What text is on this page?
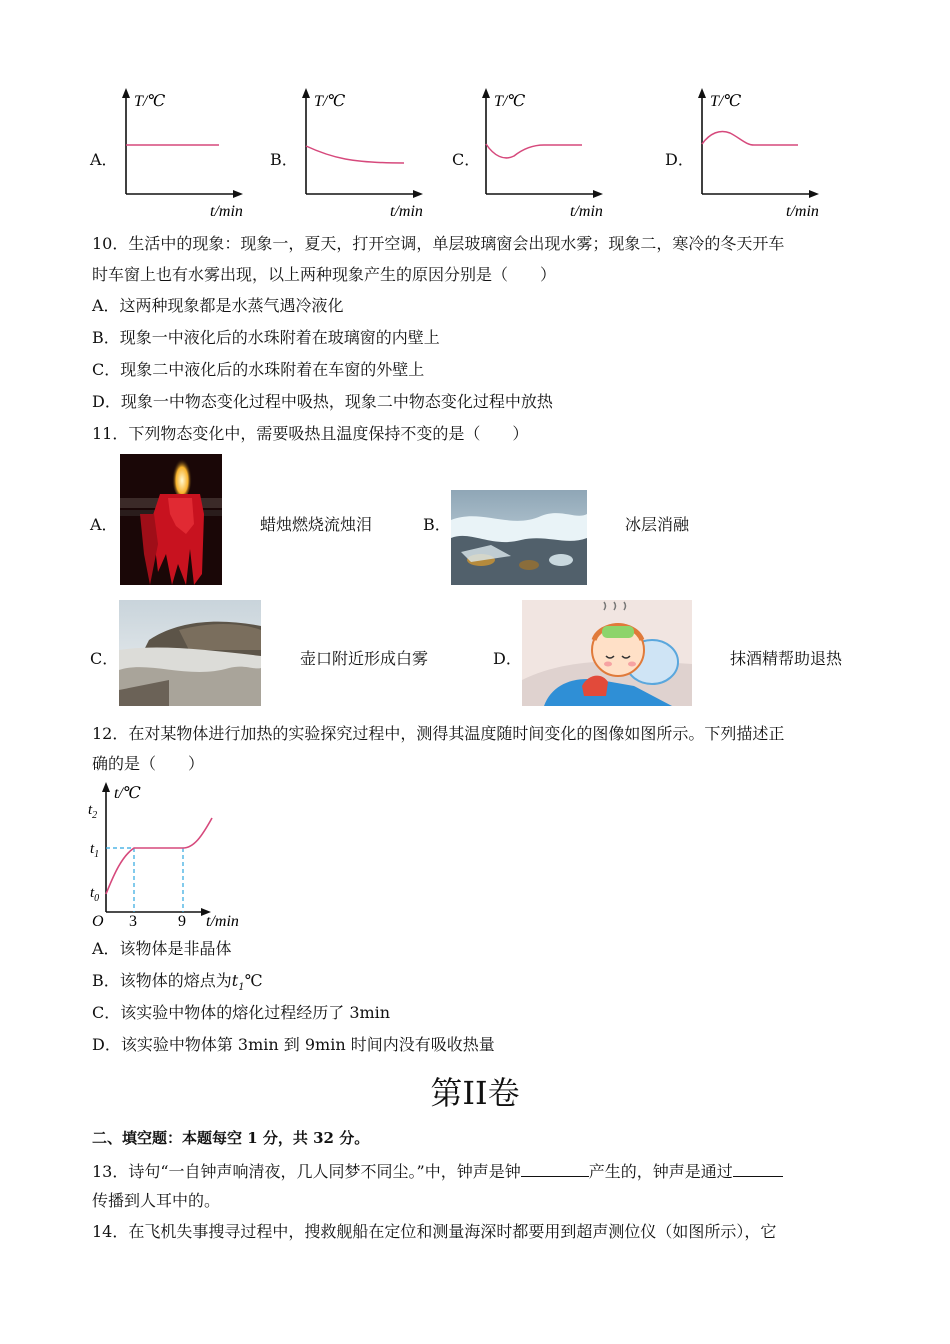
A．
T/℃
t/min
B．
T/℃
t/min
C．
T/℃
t/min
D．
T/℃
t/min
10．生活中的现象：现象一，夏天，打开空调，单层玻璃窗会出现水雾；现象二，寒冷的冬天开车
时车窗上也有水雾出现，以上两种现象产生的原因分别是（　　）
A．这两种现象都是水蒸气遇冷液化
B．现象一中液化后的水珠附着在玻璃窗的内壁上
C．现象二中液化后的水珠附着在车窗的外壁上
D．现象一中物态变化过程中吸热，现象二中物态变化过程中放热
11．下列物态变化中，需要吸热且温度保持不变的是（　　）
A．	蜡烛燃烧流烛泪	B．	冰层消融
C．	壶口附近形成白雾	D．	抹酒精帮助退热
12．在对某物体进行加热的实验探究过程中，测得其温度随时间变化的图像如图所示。下列描述正
确的是（　　）
t/℃
$t_2$
$t_1$
$t_0$
O 3	9 t/min
A．该物体是非晶体
B．该物体的熔点为$t_1℃$
C．该实验中物体的熔化过程经历了 3min
D．该实验中物体第 3min 到 9min 时间内没有吸收热量
第II卷
二、填空题：本题每空 1 分，共 32 分。
13．诗句“一自钟声响清夜，几人同梦不同尘。”中，钟声是钟	产生的，钟声是通过
传播到人耳中的。
14．在飞机失事搜寻过程中，搜救舰船在定位和测量海深时都要用到超声测位仪（如图所示），它
